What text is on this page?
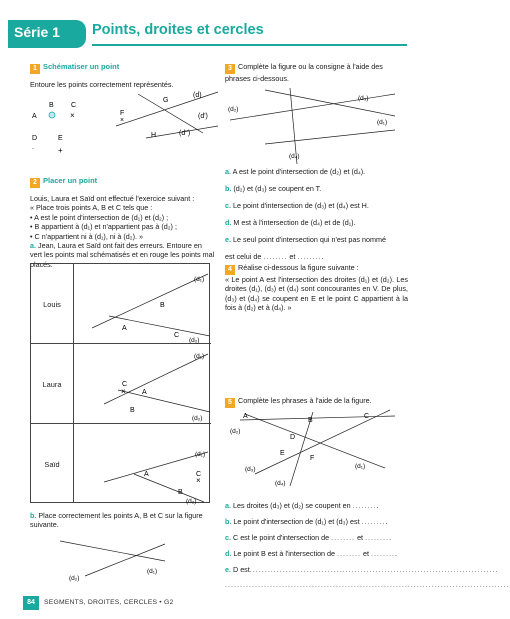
Série 1 Points, droites et cercles

1 Schématiser un point

Entoure les points correctement représentés.

A
B C
×
D
.
E
+
F
×
G
H
(d)
(d')
(d'')

2 Placer un point

Louis, Laura et Saïd ont effectué l'exercice suivant :

« Place trois points A, B et C tels que :

• A est le point d'intersection de (d₁) et (d₂) ;

• B appartient à (d₁) et n'appartient pas à (d₂) ;

• C n'appartient ni à (d₁), ni à (d₂). »

a. Jean, Laura et Saïd ont fait des erreurs. Entoure en vert les points mal schématisés et en rouge les points mal placés.

Louis
(d₁)
(d₂)
A
B
C
Laura
(d₁)
(d₂)
A
C
×
B
Saïd
(d₁)
(d₂)
A	C
×
B

b. Place correctement les points A, B et C sur la figure suivante.

(d₁)
(d₂)

3 Complète la figure ou la consigne à l'aide des phrases ci-dessous.

(d₂)
(d₃)
(d₁)
(d₄)

a. A est le point d'intersection de (d₂) et (d₄).

b. (d₂) et (d₃) se coupent en T.

c. Le point d'intersection de (d₃) et (d₄) est H.

d. M est à l'intersection de (d₄) et de (d₁).

e. Le seul point d'intersection qui n'est pas nommé

est celui de ........ et .........

4 Réalise ci-dessous la figure suivante :

« Le point A est l'intersection des droites (d₁) et (d₂). Les droites (d₁), (d₃) et (d₄) sont concourantes en V. De plus, (d₃) et (d₄) se coupent en E et le point C appartient à la fois à (d₂) et à (d₄). »

5 Complète les phrases à l'aide de la figure.

A
B
C
D
E
F
(d₂)
(d₃)	(d₁)
(d₄)

a. Les droites (d₃) et (d₂) se coupent en .........

b. Le point d'intersection de (d₁) et (d₃) est .........

c. C est le point d'intersection de ........ et .........

d. Le point B est à l'intersection de ........ et .........

e. D est...................................................................................

...............................................................................................

84	SEGMENTS, DROITES, CERCLES • G2
